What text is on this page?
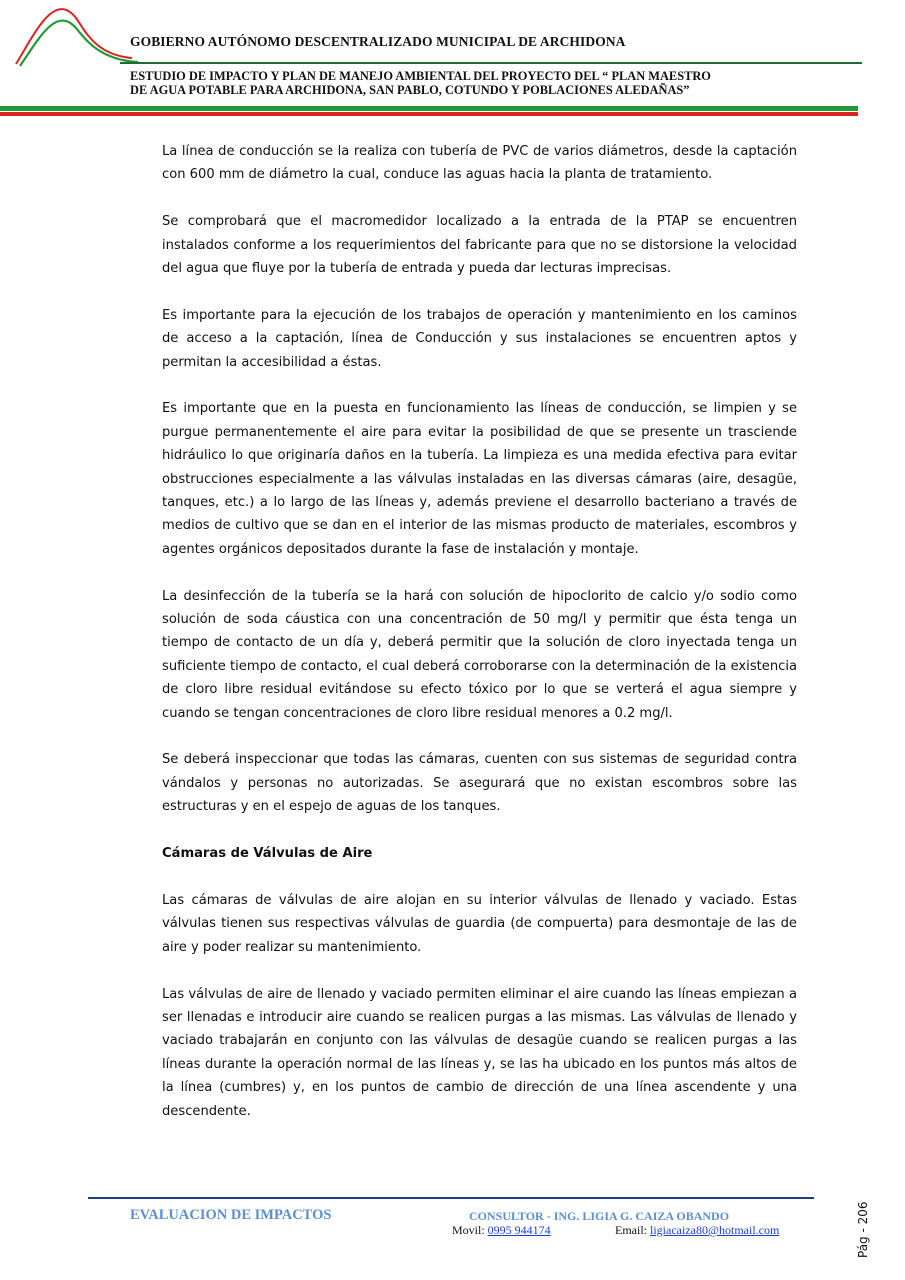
GOBIERNO AUTÓNOMO DESCENTRALIZADO MUNICIPAL DE ARCHIDONA
ESTUDIO DE IMPACTO Y PLAN DE MANEJO AMBIENTAL DEL PROYECTO DEL “ PLAN MAESTRO
DE AGUA POTABLE PARA ARCHIDONA, SAN PABLO, COTUNDO Y POBLACIONES ALEDAÑAS”

La línea de conducción se la realiza con tubería de PVC de varios diámetros, desde la captación con 600 mm de diámetro la cual, conduce las aguas hacia la planta de tratamiento.

Se comprobará que el macromedidor localizado a la entrada de la PTAP se encuentren instalados conforme a los requerimientos del fabricante para que no se distorsione la velocidad del agua que fluye por la tubería de entrada y pueda dar lecturas imprecisas.

Es importante para la ejecución de los trabajos de operación y mantenimiento en los caminos de acceso a la captación, línea de Conducción y sus instalaciones se encuentren aptos y permitan la accesibilidad a éstas.

Es importante que en la puesta en funcionamiento las líneas de conducción, se limpien y se purgue permanentemente el aire para evitar la posibilidad de que se presente un trasciende hidráulico lo que originaría daños en la tubería. La limpieza es una medida efectiva para evitar obstrucciones especialmente a las válvulas instaladas en las diversas cámaras (aire, desagüe, tanques, etc.) a lo largo de las líneas y, además previene el desarrollo bacteriano a través de medios de cultivo que se dan en el interior de las mismas producto de materiales, escombros y agentes orgánicos depositados durante la fase de instalación y montaje.

La desinfección de la tubería se la hará con solución de hipoclorito de calcio y/o sodio como solución de soda cáustica con una concentración de 50 mg/l y permitir que ésta tenga un tiempo de contacto de un día y, deberá permitir que la solución de cloro inyectada tenga un suficiente tiempo de contacto, el cual deberá corroborarse con la determinación de la existencia de cloro libre residual evitándose su efecto tóxico por lo que se verterá el agua siempre y cuando se tengan concentraciones de cloro libre residual menores a 0.2 mg/l.

Se deberá inspeccionar que todas las cámaras, cuenten con sus sistemas de seguridad contra vándalos y personas no autorizadas. Se asegurará que no existan escombros sobre las estructuras y en el espejo de aguas de los tanques.

Cámaras de Válvulas de Aire

Las cámaras de válvulas de aire alojan en su interior válvulas de llenado y vaciado. Estas válvulas tienen sus respectivas válvulas de guardia (de compuerta) para desmontaje de las de aire y poder realizar su mantenimiento.

Las válvulas de aire de llenado y vaciado permiten eliminar el aire cuando las líneas empiezan a ser llenadas e introducir aire cuando se realicen purgas a las mismas. Las válvulas de llenado y vaciado trabajarán en conjunto con las válvulas de desagüe cuando se realicen purgas a las líneas durante la operación normal de las líneas y, se las ha ubicado en los puntos más altos de la línea (cumbres) y, en los puntos de cambio de dirección de una línea ascendente y una descendente.

EVALUACION DE IMPACTOS	CONSULTOR - ING. LIGIA G. CAIZA OBANDO
Movil: 0995 944174	Email: ligiacaiza80@hotmail.com	Pág - 206
